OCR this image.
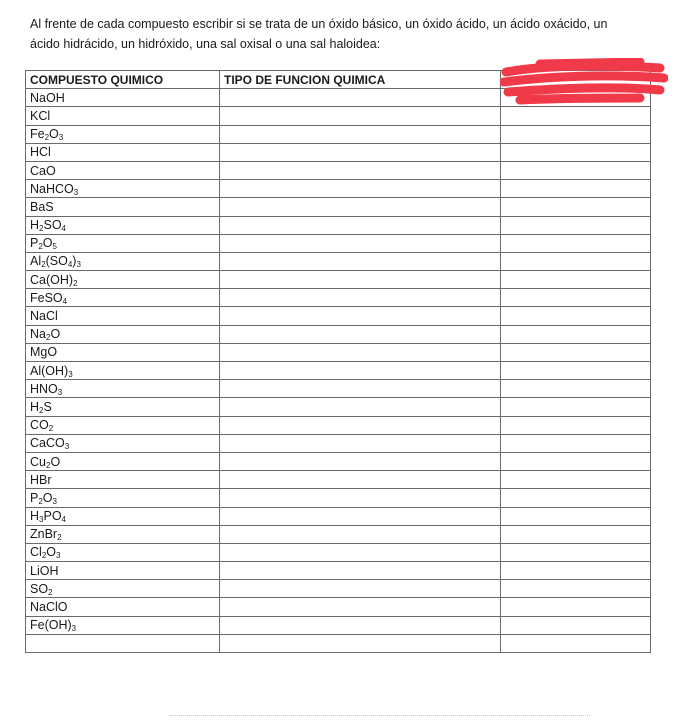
Al frente de cada compuesto escribir si se trata de un óxido básico, un óxido ácido, un ácido oxácido, un
ácido hidrácido, un hidróxido, una sal oxisal o una sal haloidea:
COMPUESTO QUIMICO	TIPO DE FUNCION QUIMICA	
NaOH		
KCl		
$Fe_2O_3$		
HCl		
CaO		
NaHCO$_3$		
BaS		
$H_2SO_4$		
$P_2O_5$		
$Al_2(SO_4)_3$		
$Ca(OH)_2$		
FeSO$_4$		
NaCl		
$Na_2O$		
MgO		
$Al(OH)_3$		
$HNO_3$		
$H_2S$		
$CO_2$		
CaCO$_3$		
$Cu_2O$		
HBr		
$P_2O_3$		
$H_3PO_4$		
ZnBr$_2$		
$Cl_2O_3$		
LiOH		
$SO_2$		
NaClO		
$Fe(OH)_3$		
